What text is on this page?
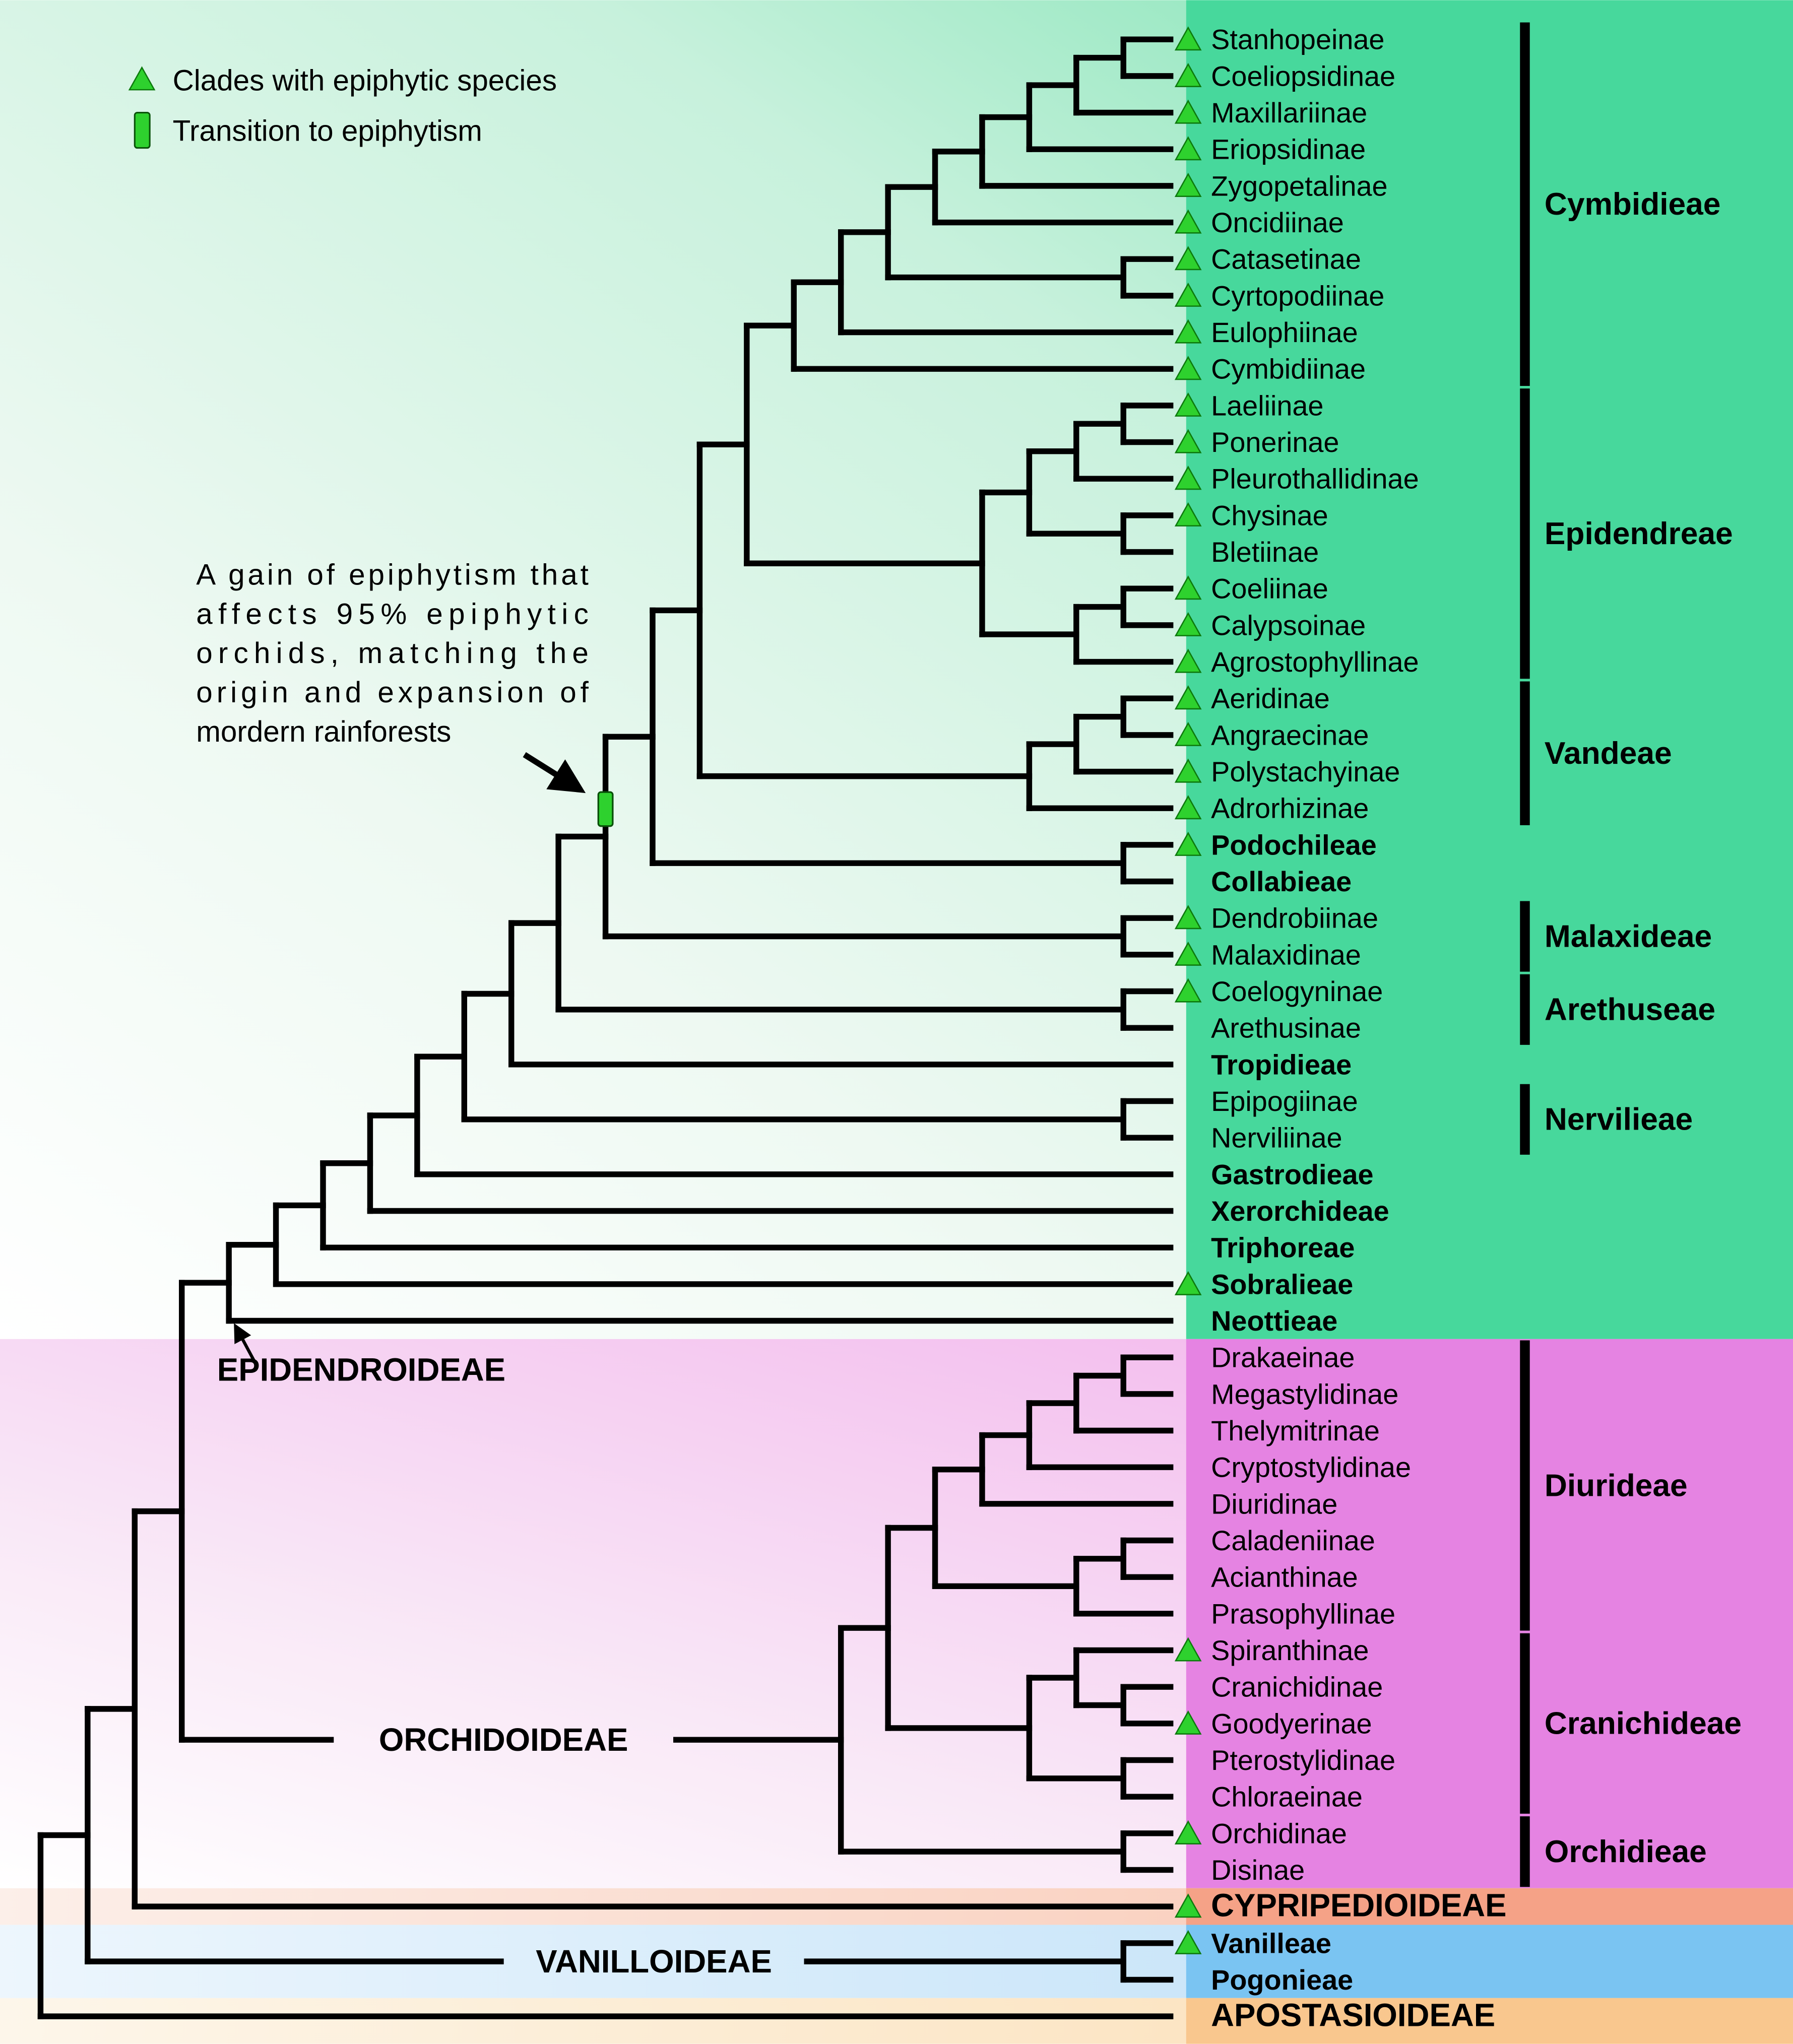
ORCHIDOIDEAE
VANILLOIDEAE
Stanhopeinae
Coeliopsidinae
Maxillariinae
Eriopsidinae
Zygopetalinae
Oncidiinae
Catasetinae
Cyrtopodiinae
Eulophiinae
Cymbidiinae
Laeliinae
Ponerinae
Pleurothallidinae
Chysinae
Bletiinae
Coeliinae
Calypsoinae
Agrostophyllinae
Aeridinae
Angraecinae
Polystachyinae
Adrorhizinae
Podochileae
Collabieae
Dendrobiinae
Malaxidinae
Coelogyninae
Arethusinae
Tropidieae
Epipogiinae
Nerviliinae
Gastrodieae
Xerorchideae
Triphoreae
Sobralieae
Neottieae
Drakaeinae
Megastylidinae
Thelymitrinae
Cryptostylidinae
Diuridinae
Caladeniinae
Acianthinae
Prasophyllinae
Spiranthinae
Cranichidinae
Goodyerinae
Pterostylidinae
Chloraeinae
Orchidinae
Disinae
CYPRIPEDIOIDEAE
Vanilleae
Pogonieae
APOSTASIOIDEAE
Cymbidieae
Epidendreae
Vandeae
Malaxideae
Arethuseae
Nervilieae
Diurideae
Cranichideae
Orchidieae
EPIDENDROIDEAE
Clades with epiphytic species
Transition to epiphytism
A gain of epiphytism that
affects 95% epiphytic
orchids, matching the
origin and expansion of
mordern rainforests
